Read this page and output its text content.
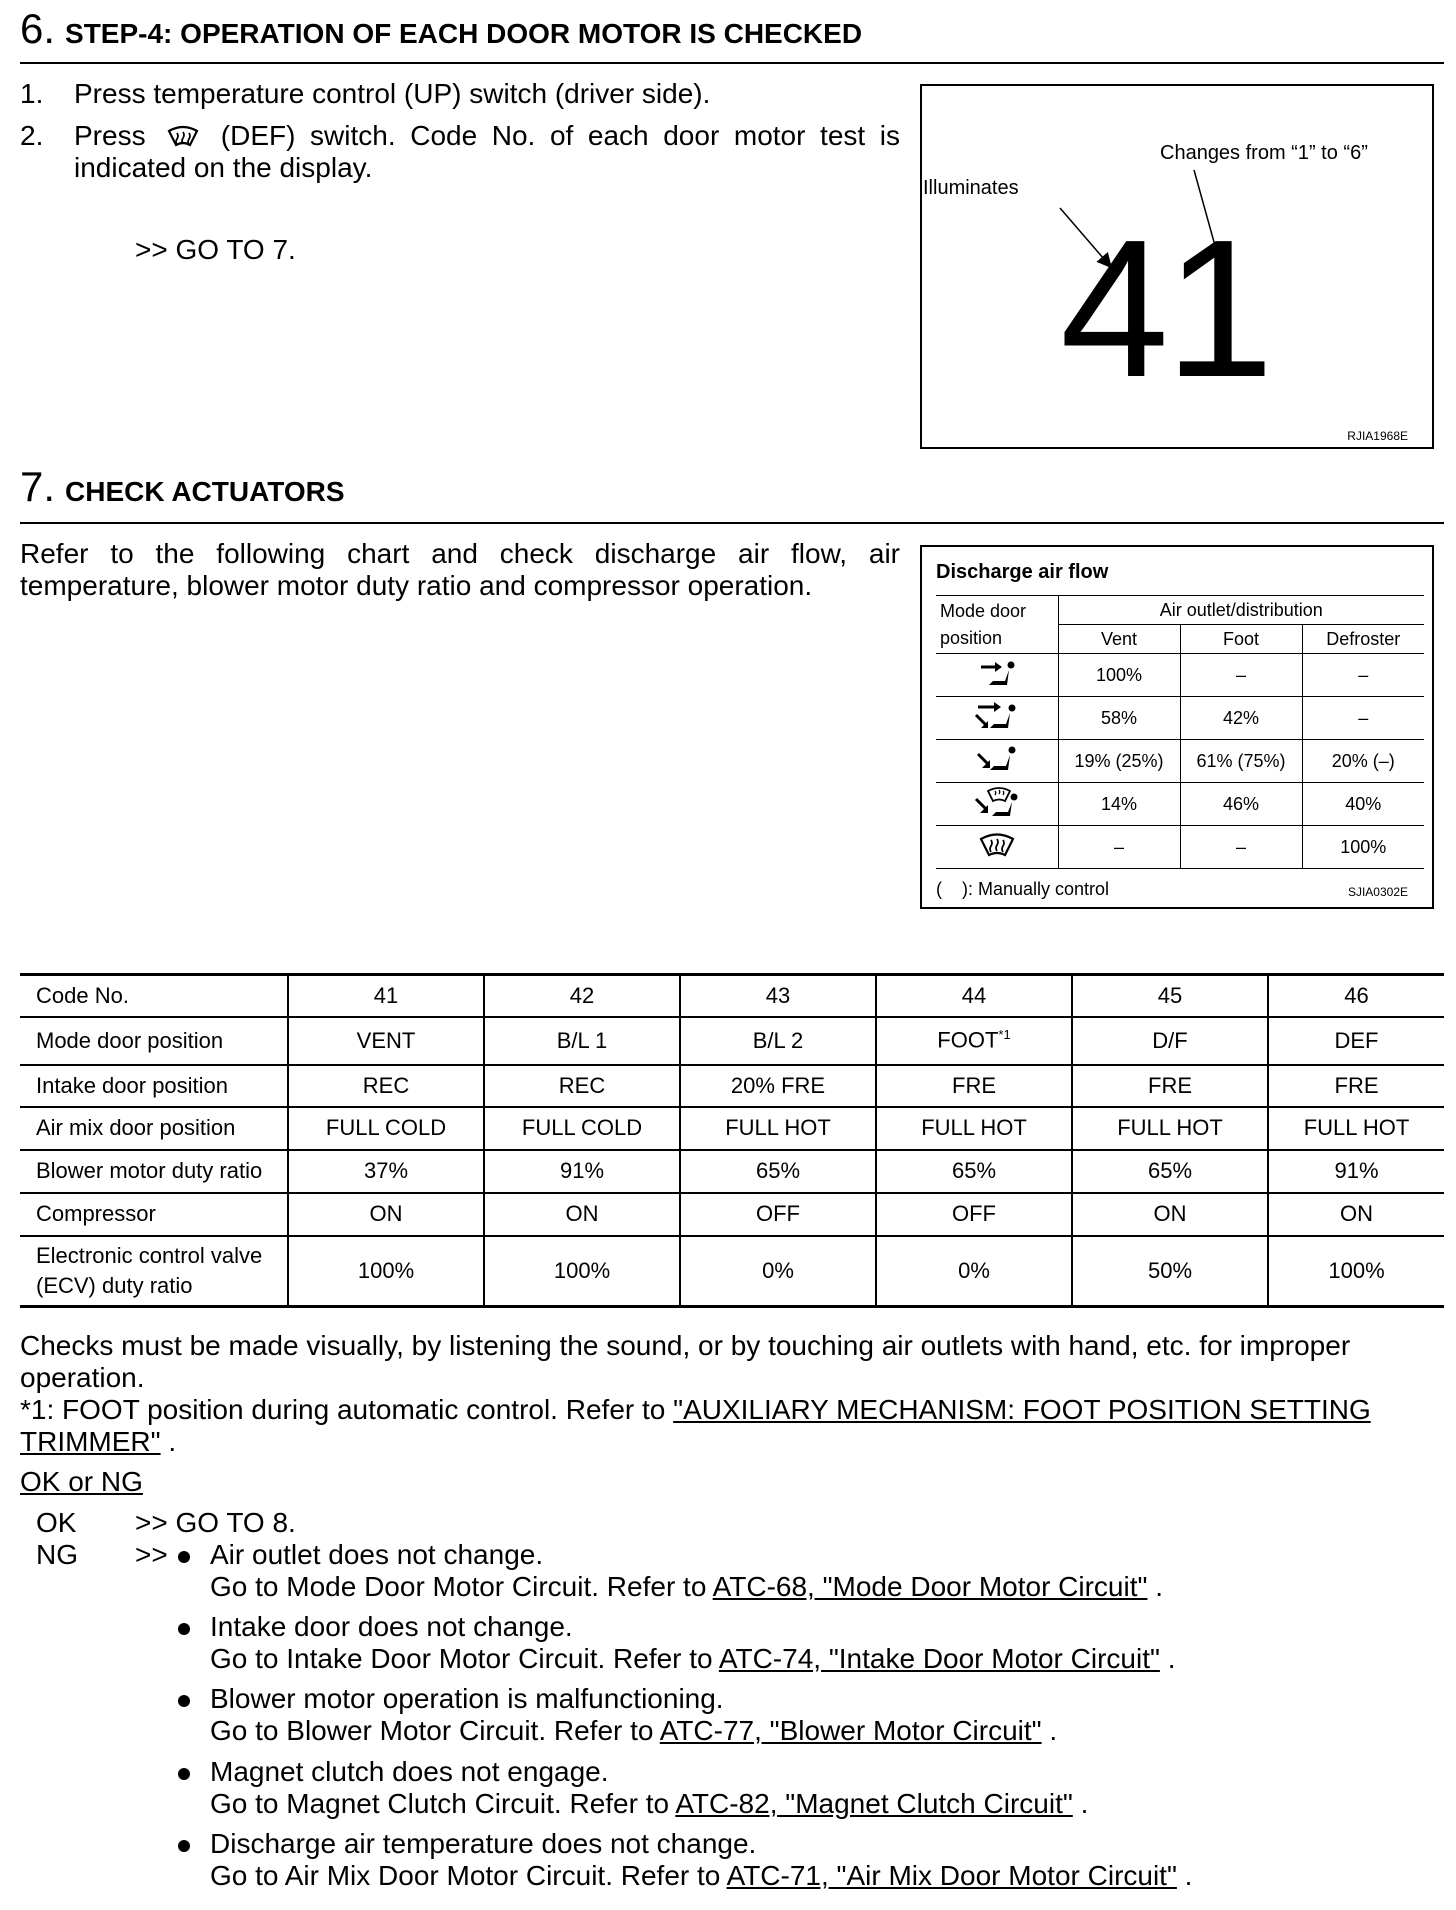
6. STEP-4: OPERATION OF EACH DOOR MOTOR IS CHECKED
1. Press temperature control (UP) switch (driver side).
2. Press	(DEF) switch. Code No. of each door motor test is indicated on the display.
>> GO TO 7.
Illuminates
Changes from “1” to “6”
41
RJIA1968E
7. CHECK ACTUATORS
Refer to the following chart and check discharge air flow, air temperature, blower motor duty ratio and compressor operation.	Discharge air flow
Mode door position	Air outlet/distribution		
	Vent	Foot	Defroster
	100%	–	–
	58%	42%	–
	19% (25%)	61% (75%)	20% (–)
	14%	46%	40%
	–	–	100%
(    ): Manually control	SJIA0302E
Code No.	41	42	43	44	45	46
Mode door position	VENT	B/L 1	B/L 2	FOOT$^{*1}$	D/F	DEF
Intake door position	REC	REC	20% FRE	FRE	FRE	FRE
Air mix door position	FULL COLD	FULL COLD	FULL HOT	FULL HOT	FULL HOT	FULL HOT
Blower motor duty ratio	37%	91%	65%	65%	65%	91%
Compressor	ON	ON	OFF	OFF	ON	ON
Electronic control valve
(ECV) duty ratio	100%	100%	0%	0%	50%	100%
Checks must be made visually, by listening the sound, or by touching air outlets with hand, etc. for improper operation.
*1: FOOT position during automatic control. Refer to "AUXILIARY MECHANISM: FOOT POSITION SETTING TRIMMER" .
OK or NG
OK >> GO TO 8.
NG >>	Air outlet does not change.
Go to Mode Door Motor Circuit. Refer to ATC-68, "Mode Door Motor Circuit" .
Intake door does not change.
Go to Intake Door Motor Circuit. Refer to ATC-74, "Intake Door Motor Circuit" .
Blower motor operation is malfunctioning.
Go to Blower Motor Circuit. Refer to ATC-77, "Blower Motor Circuit" .
Magnet clutch does not engage.
Go to Magnet Clutch Circuit. Refer to ATC-82, "Magnet Clutch Circuit" .
Discharge air temperature does not change.
Go to Air Mix Door Motor Circuit. Refer to ATC-71, "Air Mix Door Motor Circuit" .
